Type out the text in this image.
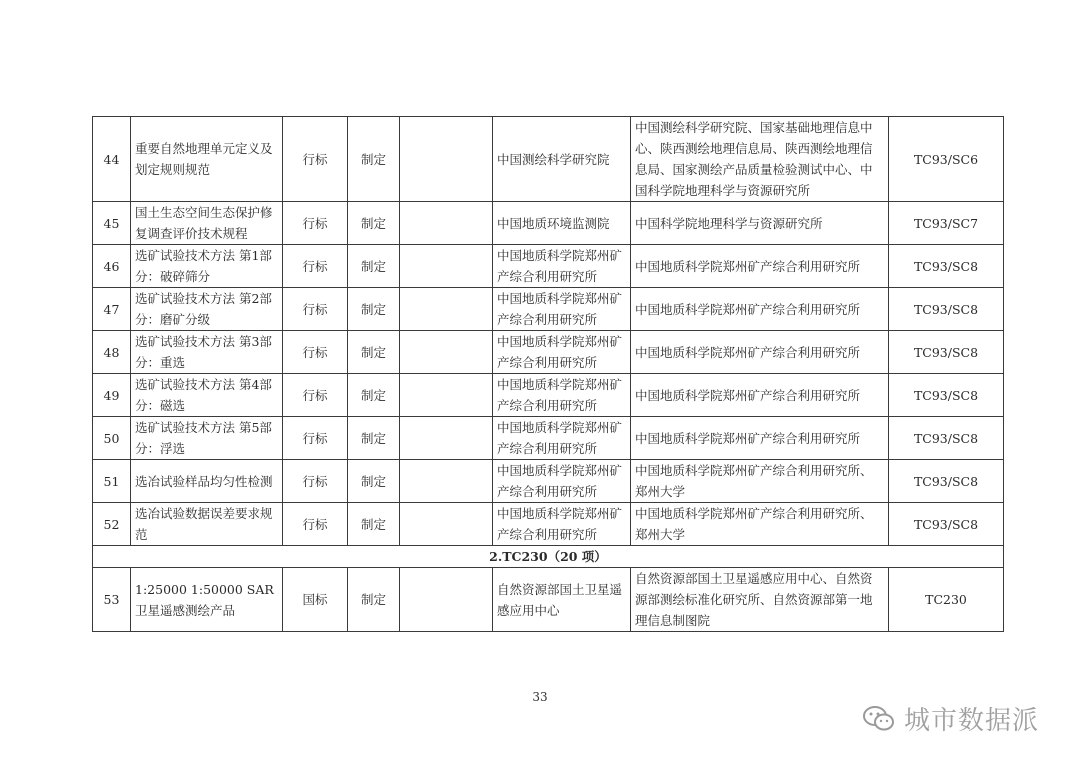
44	重要自然地理单元定义及划定规则规范	行标	制定		中国测绘科学研究院	中国测绘科学研究院、国家基础地理信息中心、陕西测绘地理信息局、陕西测绘地理信息局、国家测绘产品质量检验测试中心、中国科学院地理科学与资源研究所	TC93/SC6
45	国土生态空间生态保护修复调查评价技术规程	行标	制定		中国地质环境监测院	中国科学院地理科学与资源研究所	TC93/SC7
46	选矿试验技术方法 第1部分：破碎筛分	行标	制定		中国地质科学院郑州矿产综合利用研究所	中国地质科学院郑州矿产综合利用研究所	TC93/SC8
47	选矿试验技术方法 第2部分：磨矿分级	行标	制定		中国地质科学院郑州矿产综合利用研究所	中国地质科学院郑州矿产综合利用研究所	TC93/SC8
48	选矿试验技术方法 第3部分：重选	行标	制定		中国地质科学院郑州矿产综合利用研究所	中国地质科学院郑州矿产综合利用研究所	TC93/SC8
49	选矿试验技术方法 第4部分：磁选	行标	制定		中国地质科学院郑州矿产综合利用研究所	中国地质科学院郑州矿产综合利用研究所	TC93/SC8
50	选矿试验技术方法 第5部分：浮选	行标	制定		中国地质科学院郑州矿产综合利用研究所	中国地质科学院郑州矿产综合利用研究所	TC93/SC8
51	选冶试验样品均匀性检测	行标	制定		中国地质科学院郑州矿产综合利用研究所	中国地质科学院郑州矿产综合利用研究所、郑州大学	TC93/SC8
52	选冶试验数据误差要求规范	行标	制定		中国地质科学院郑州矿产综合利用研究所	中国地质科学院郑州矿产综合利用研究所、郑州大学	TC93/SC8
2.TC230（20 项）							
53	1:25000 1:50000 SAR卫星遥感测绘产品	国标	制定		自然资源部国土卫星遥感应用中心	自然资源部国土卫星遥感应用中心、自然资源部测绘标准化研究所、自然资源部第一地理信息制图院	TC230
33
城市数据派
